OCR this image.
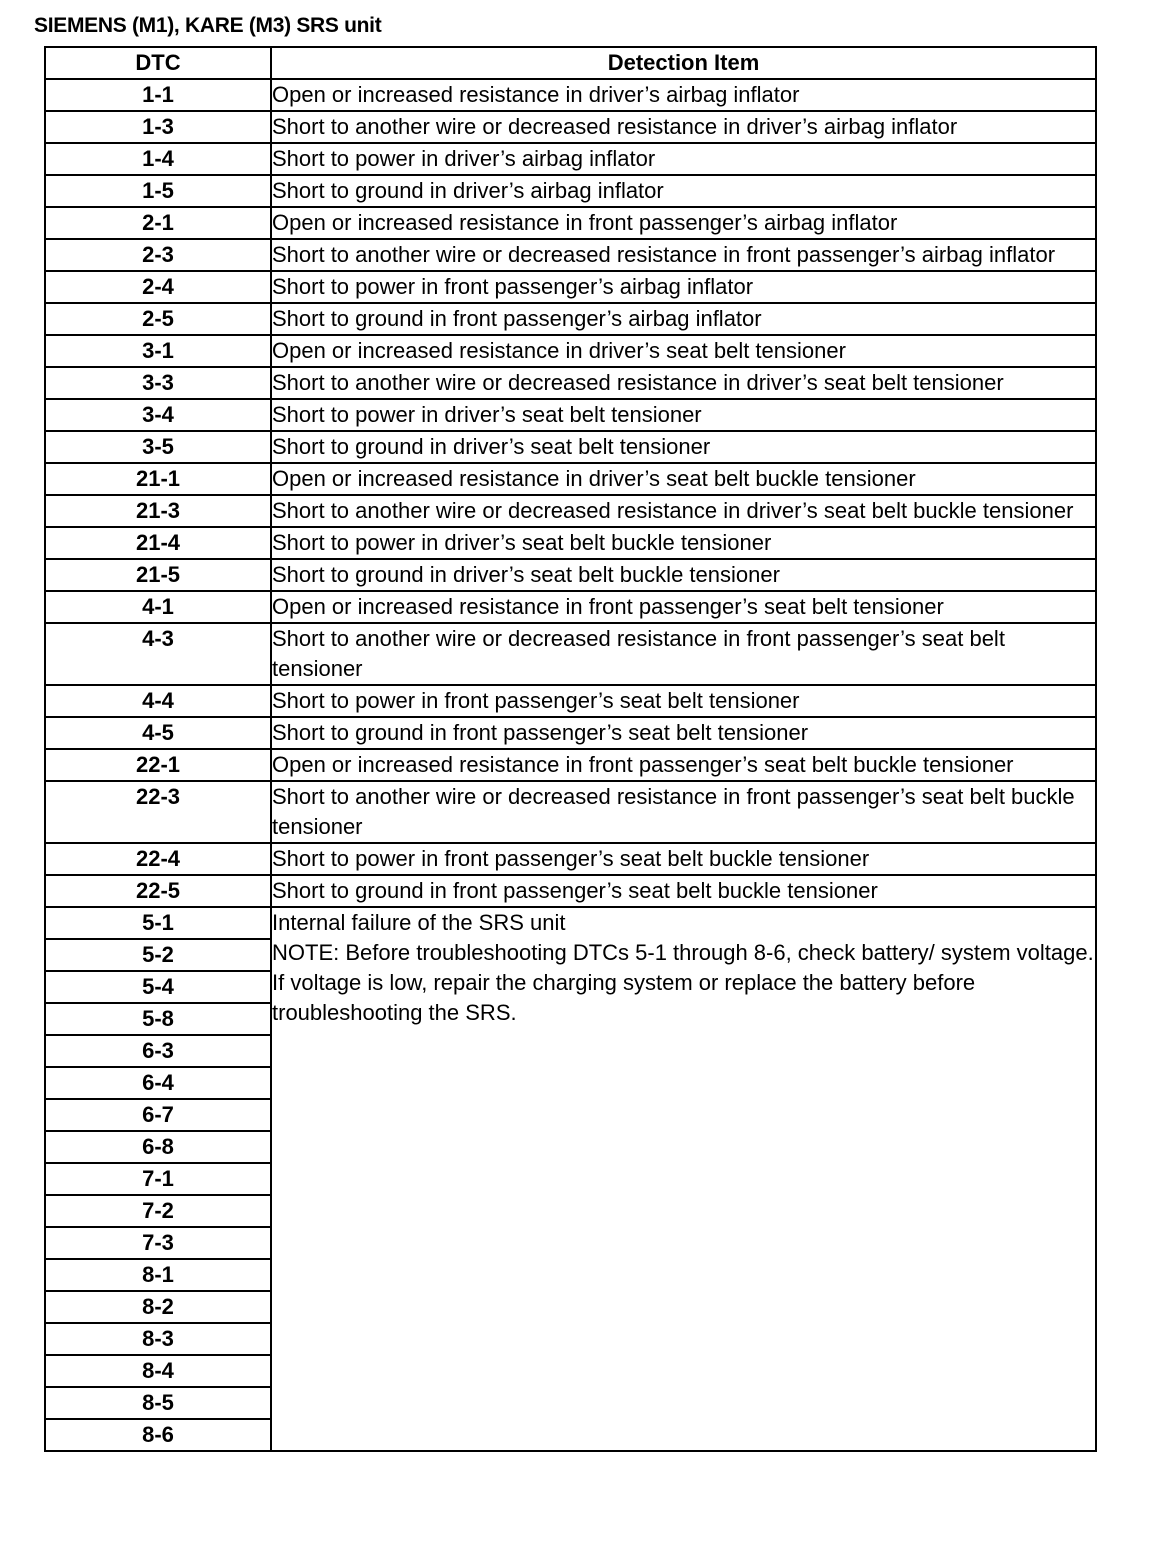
SIEMENS (M1), KARE (M3) SRS unit
DTC	Detection Item
1-1	Open or increased resistance in driver’s airbag inflator
1-3	Short to another wire or decreased resistance in driver’s airbag inflator
1-4	Short to power in driver’s airbag inflator
1-5	Short to ground in driver’s airbag inflator
2-1	Open or increased resistance in front passenger’s airbag inflator
2-3	Short to another wire or decreased resistance in front passenger’s airbag inflator
2-4	Short to power in front passenger’s airbag inflator
2-5	Short to ground in front passenger’s airbag inflator
3-1	Open or increased resistance in driver’s seat belt tensioner
3-3	Short to another wire or decreased resistance in driver’s seat belt tensioner
3-4	Short to power in driver’s seat belt tensioner
3-5	Short to ground in driver’s seat belt tensioner
21-1	Open or increased resistance in driver’s seat belt buckle tensioner
21-3	Short to another wire or decreased resistance in driver’s seat belt buckle tensioner
21-4	Short to power in driver’s seat belt buckle tensioner
21-5	Short to ground in driver’s seat belt buckle tensioner
4-1	Open or increased resistance in front passenger’s seat belt tensioner
4-3	Short to another wire or decreased resistance in front passenger’s seat belt tensioner
4-4	Short to power in front passenger’s seat belt tensioner
4-5	Short to ground in front passenger’s seat belt tensioner
22-1	Open or increased resistance in front passenger’s seat belt buckle tensioner
22-3	Short to another wire or decreased resistance in front passenger’s seat belt buckle tensioner
22-4	Short to power in front passenger’s seat belt buckle tensioner
22-5	Short to ground in front passenger’s seat belt buckle tensioner
5-1	Internal failure of the SRS unit
NOTE: Before troubleshooting DTCs 5-1 through 8-6, check battery/ system voltage. If voltage is low, repair the charging system or replace the battery before troubleshooting the SRS.

5-2	
5-4	
5-8	
6-3	
6-4	
6-7	
6-8	
7-1	
7-2	
7-3	
8-1	
8-2	
8-3	
8-4	
8-5	
8-6	
